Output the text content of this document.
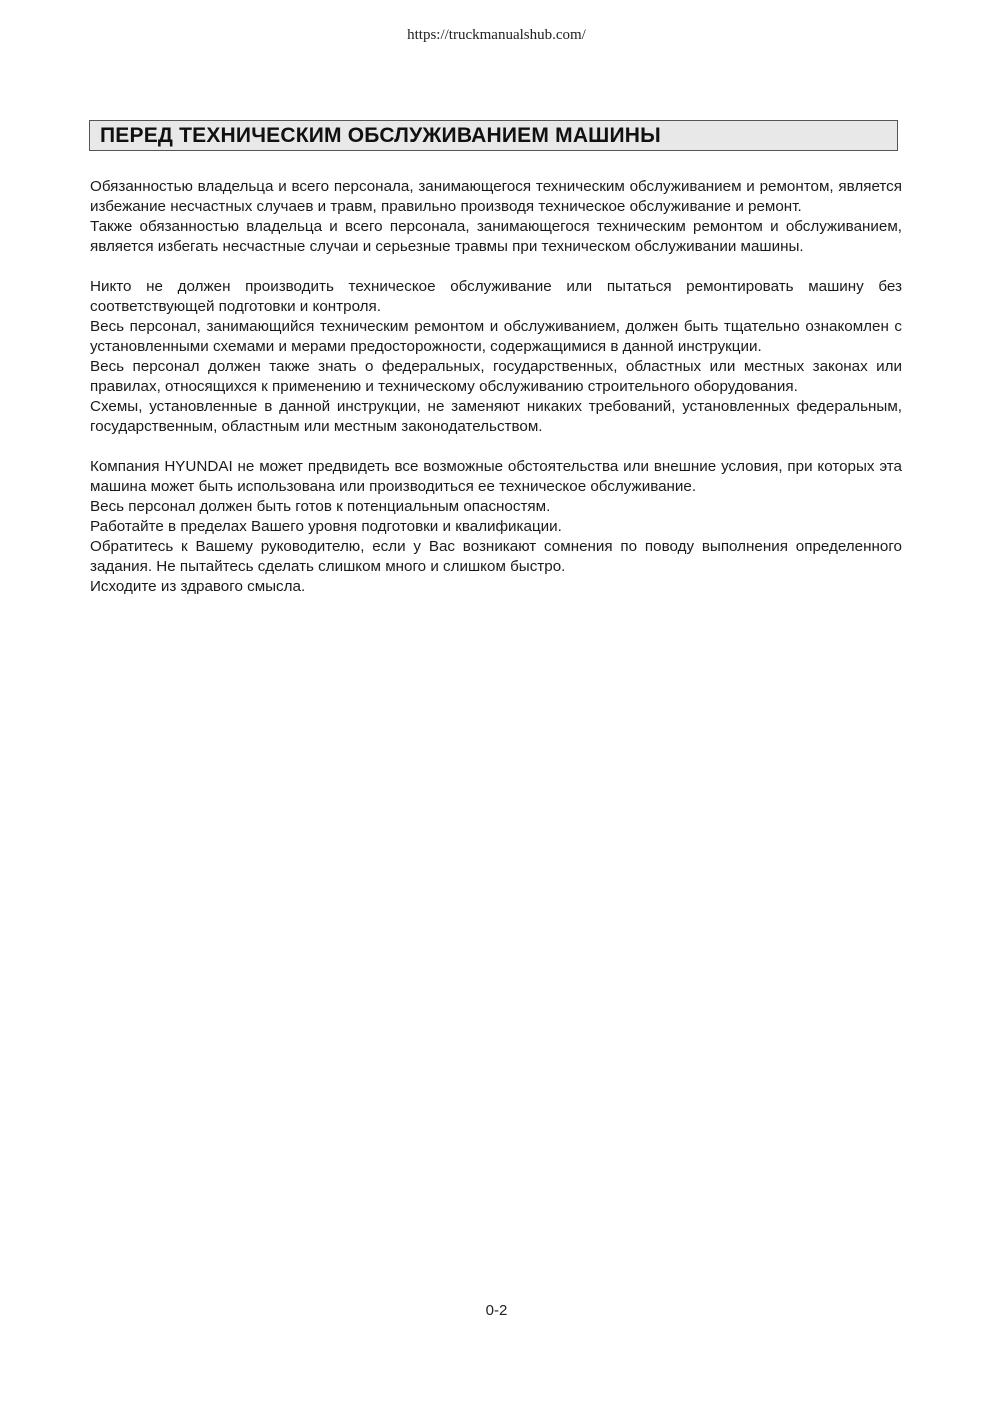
https://truckmanualshub.com/
ПЕРЕД ТЕХНИЧЕСКИМ ОБСЛУЖИВАНИЕМ МАШИНЫ

Обязанностью владельца и всего персонала, занимающегося техническим обслуживанием и ремонтом, является избежание несчастных случаев и травм, правильно производя техническое обслуживание и ремонт.

Также обязанностью владельца и всего персонала, занимающегося техническим ремонтом и обслуживанием, является избегать несчастные случаи и серьезные травмы при техническом обслуживании машины.

Никто не должен производить техническое обслуживание или пытаться ремонтировать машину без соответствующей подготовки и контроля.

Весь персонал, занимающийся техническим ремонтом и обслуживанием, должен быть тщательно ознакомлен с установленными схемами и мерами предосторожности, содержащимися в данной инструкции.

Весь персонал должен также знать о федеральных, государственных, областных или местных законах или правилах, относящихся к применению и техническому обслуживанию строительного оборудования.

Схемы, установленные в данной инструкции, не заменяют никаких требований, установленных федеральным, государственным, областным или местным законодательством.

Компания HYUNDAI не может предвидеть все возможные обстоятельства или внешние условия, при которых эта машина может быть использована или производиться ее техническое обслуживание.

Весь персонал должен быть готов к потенциальным опасностям.

Работайте в пределах Вашего уровня подготовки и квалификации.

Обратитесь к Вашему руководителю, если у Вас возникают сомнения по поводу выполнения определенного задания. Не пытайтесь сделать слишком много и слишком быстро.

Исходите из здравого смысла.

0-2
